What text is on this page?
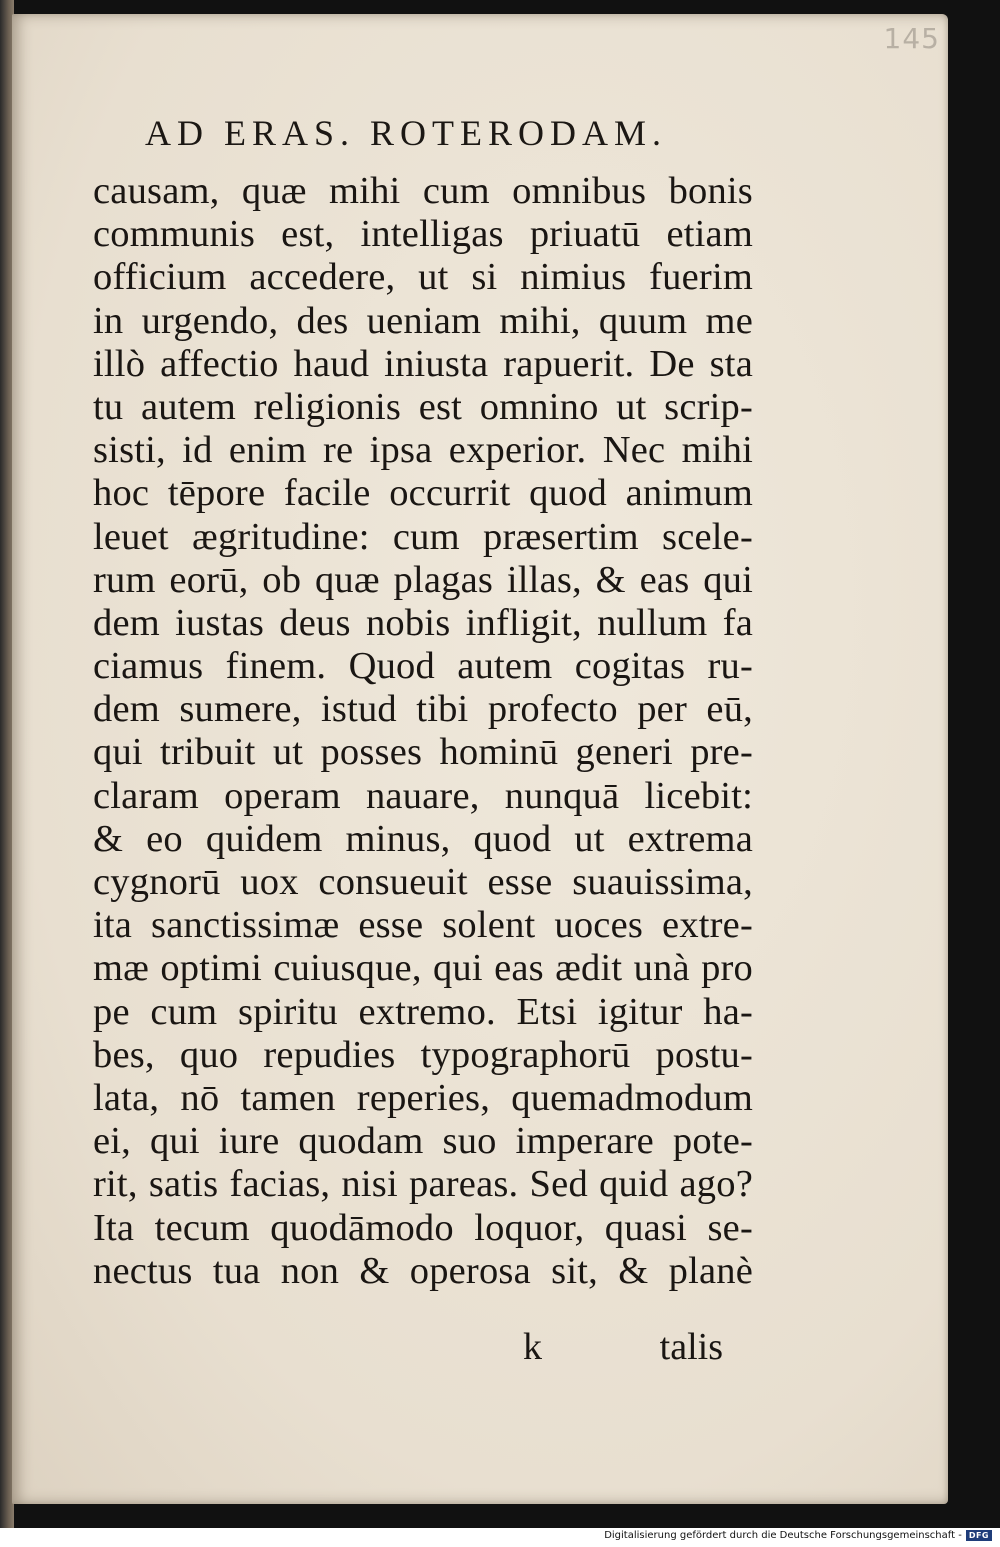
145
AD ERAS. ROTERODAM.
causam, quæ mihi cum omnibus bonis
communis est, intelligas priuatū etiam
officium accedere, ut si nimius fuerim
in urgendo, des ueniam mihi, quum me
illò affectio haud iniusta rapuerit. De sta
tu autem religionis est omnino ut scrip-
sisti, id enim re ipsa experior. Nec mihi
hoc tēpore facile occurrit quod animum
leuet ægritudine: cum præsertim scele-
rum eorū, ob quæ plagas illas, & eas qui
dem iustas deus nobis infligit, nullum fa
ciamus finem. Quod autem cogitas ru-
dem sumere, istud tibi profecto per eū,
qui tribuit ut posses hominū generi pre-
claram operam nauare, nunquā licebit:
& eo quidem minus, quod ut extrema
cygnorū uox consueuit esse suauissima,
ita sanctissimæ esse solent uoces extre-
mæ optimi cuiusque, qui eas ædit unà pro
pe cum spiritu extremo. Etsi igitur ha-
bes, quo repudies typographorū postu-
lata, nō tamen reperies, quemadmodum
ei, qui iure quodam suo imperare pote-
rit, satis facias, nisi pareas. Sed quid ago?
Ita tecum quodāmodo loquor, quasi se-
nectus tua non & operosa sit, & planè
k	talis
Digitalisierung gefördert durch die Deutsche Forschungsgemeinschaft - DFG
